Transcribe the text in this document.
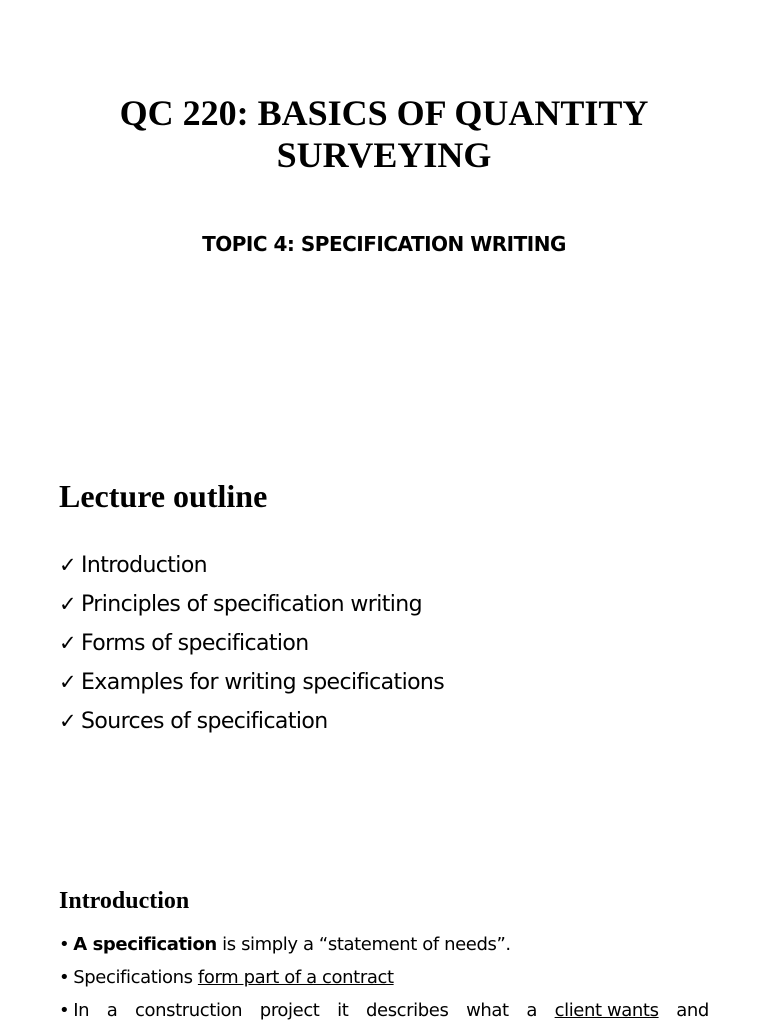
QC 220: BASICS OF QUANTITY
SURVEYING
TOPIC 4: SPECIFICATION WRITING
Lecture outline
✓ Introduction
✓ Principles of specification writing
✓ Forms of specification
✓ Examples for writing specifications
✓ Sources of specification
Introduction
• A specification is simply a “statement of needs”.
• Specifications form part of a contract
• In a construction project it describes what a client wants and
